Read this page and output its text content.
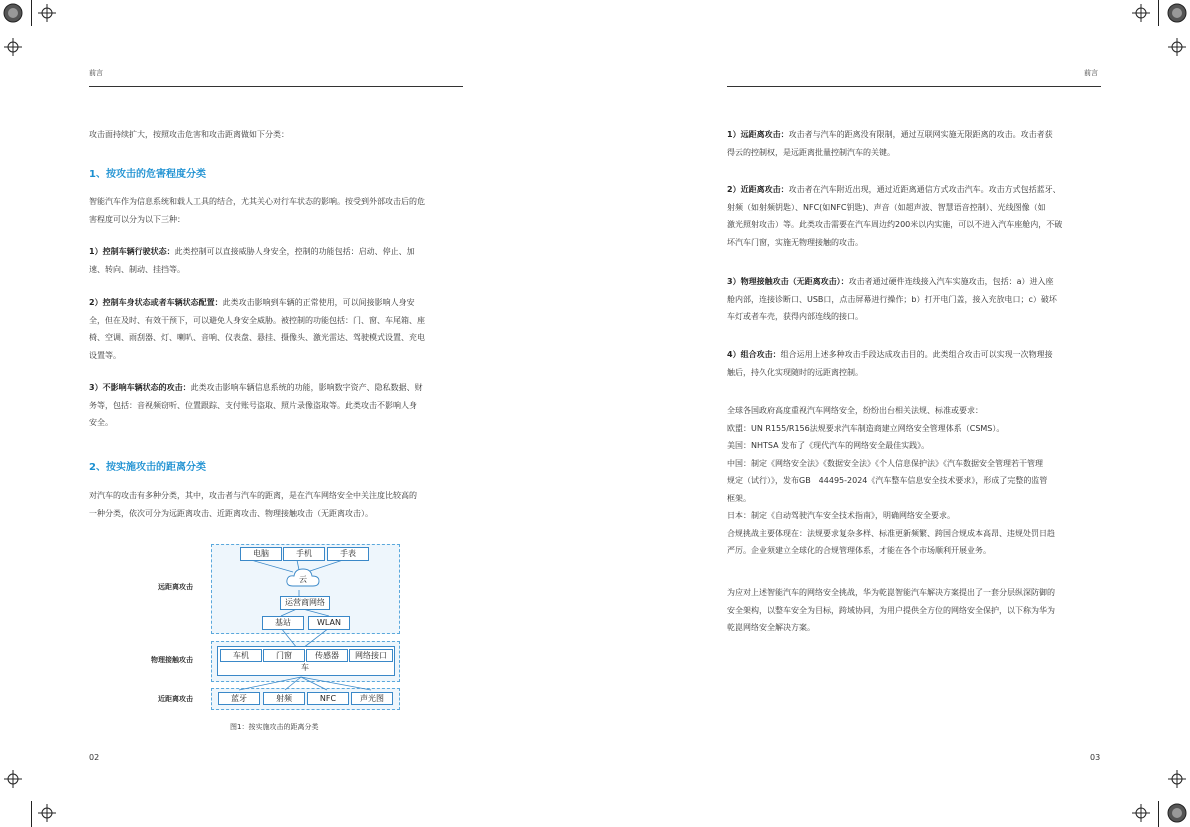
前言
攻击面持续扩大，按照攻击危害和攻击距离做如下分类：
1、按攻击的危害程度分类
智能汽车作为信息系统和载人工具的结合，尤其关心对行车状态的影响。按受到外部攻击后的危
害程度可以分为以下三种：
1）控制车辆行驶状态：此类控制可以直接威胁人身安全，控制的功能包括：启动、停止、加
速、转向、制动、挂挡等。
2）控制车身状态或者车辆状态配置：此类攻击影响到车辆的正常使用，可以间接影响人身安
全，但在及时、有效干预下，可以避免人身安全威胁。被控制的功能包括：门、窗、车尾箱、座
椅、空调、雨刮器、灯、喇叭、音响、仪表盘、悬挂、摄像头、激光雷达、驾驶模式设置、充电
设置等。
3）不影响车辆状态的攻击：此类攻击影响车辆信息系统的功能，影响数字资产、隐私数据、财
务等，包括：音视频窃听、位置跟踪、支付账号盗取、照片录像盗取等。此类攻击不影响人身
安全。
2、按实施攻击的距离分类
对汽车的攻击有多种分类，其中，攻击者与汽车的距离，是在汽车网络安全中关注度比较高的
一种分类，依次可分为远距离攻击、近距离攻击、物理接触攻击（无距离攻击）。
远距离攻击
物理接触攻击
近距离攻击
电脑	手机	手表
云
运营商网络
基站	WLAN
车机	门窗	传感器	网络接口
车
蓝牙	射频	NFC	声光图
图1：按实施攻击的距离分类
02
前言
1）远距离攻击：攻击者与汽车的距离没有限制，通过互联网实施无限距离的攻击。攻击者获
得云的控制权，是远距离批量控制汽车的关键。
2）近距离攻击：攻击者在汽车附近出现，通过近距离通信方式攻击汽车。攻击方式包括蓝牙、
射频（如射频钥匙）、NFC(如NFC钥匙)、声音（如超声波、智慧语音控制）、光线图像（如
激光照射攻击）等。此类攻击需要在汽车周边约200米以内实施，可以不进入汽车座舱内，不破
坏汽车门窗，实施无物理接触的攻击。
3）物理接触攻击（无距离攻击）：攻击者通过硬件连线接入汽车实施攻击，包括：a）进入座
舱内部，连接诊断口、USB口，点击屏幕进行操作；b）打开电门盖，接入充放电口；c）破坏
车灯或者车壳，获得内部连线的接口。
4）组合攻击：组合运用上述多种攻击手段达成攻击目的。此类组合攻击可以实现一次物理接
触后，持久化实现随时的远距离控制。
全球各国政府高度重视汽车网络安全，纷纷出台相关法规、标准或要求：
欧盟：UN R155/R156法规要求汽车制造商建立网络安全管理体系（CSMS）。
美国：NHTSA 发布了《现代汽车的网络安全最佳实践》。
中国：制定《网络安全法》《数据安全法》《个人信息保护法》《汽车数据安全管理若干管理
规定（试行）》，发布GB　44495-2024《汽车整车信息安全技术要求》，形成了完整的监管
框架。
日本：制定《自动驾驶汽车安全技术指南》，明确网络安全要求。
合规挑战主要体现在：法规要求复杂多样、标准更新频繁、跨国合规成本高昂、违规处罚日趋
严厉。企业须建立全球化的合规管理体系，才能在各个市场顺利开展业务。
为应对上述智能汽车的网络安全挑战，华为乾崑智能汽车解决方案提出了一套分层纵深防御的
安全架构，以整车安全为目标，跨域协同，为用户提供全方位的网络安全保护，以下称为华为
乾崑网络安全解决方案。
03
